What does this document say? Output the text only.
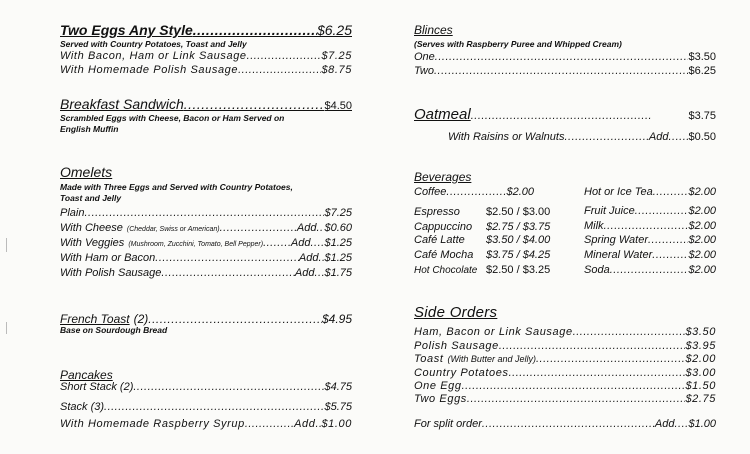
Two Eggs Any Style .....	$6.25
Served with Country Potatoes, Toast and Jelly
With Bacon, Ham or Link Sausage .....	$7.25
With Homemade Polish Sausage .....	$8.75
Breakfast Sandwich .....	$4.50
Scrambled Eggs with Cheese, Bacon or Ham Served on
English Muffin
Omelets
Made with Three Eggs and Served with Country Potatoes,
Toast and Jelly
Plain .....	$7.25
With Cheese (Cheddar, Swiss or American) .....	Add ..... $0.60
With Veggies (Mushroom, Zucchini, Tomato, Bell Pepper) .....	Add ..... $1.25
With Ham or Bacon .....	Add ..... $1.25
With Polish Sausage .....	Add ..... $1.75
French Toast (2) .....	$4.95
Base on Sourdough Bread
Pancakes
Short Stack (2) .....	$4.75
Stack (3) .....	$5.75
With Homemade Raspberry Syrup .....	Add ..... $1.00
Blinces
(Serves with Raspberry Puree and Whipped Cream)
One .....	$3.50
Two .....	$6.25
Oatmeal .....	$3.75
With Raisins or Walnuts .....	Add ..... $0.50
Beverages
Coffee .....	$2.00
Espresso	$2.50 / $3.00
Cappuccino	$2.75 / $3.75
Café Latte	$3.50 / $4.00
Café Mocha	$3.75 / $4.25
Hot Chocolate $2.50 / $3.25
Hot or Ice Tea .....	$2.00
Fruit Juice .....	$2.00
Milk .....	$2.00
Spring Water .....	$2.00
Mineral Water .....	$2.00
Soda .....	$2.00
Side Orders
Ham, Bacon or Link Sausage .....	$3.50
Polish Sausage .....	$3.95
Toast (With Butter and Jelly) .....	$2.00
Country Potatoes .....	$3.00
One Egg .....	$1.50
Two Eggs .....	$2.75
For split order .....	Add ..... $1.00
